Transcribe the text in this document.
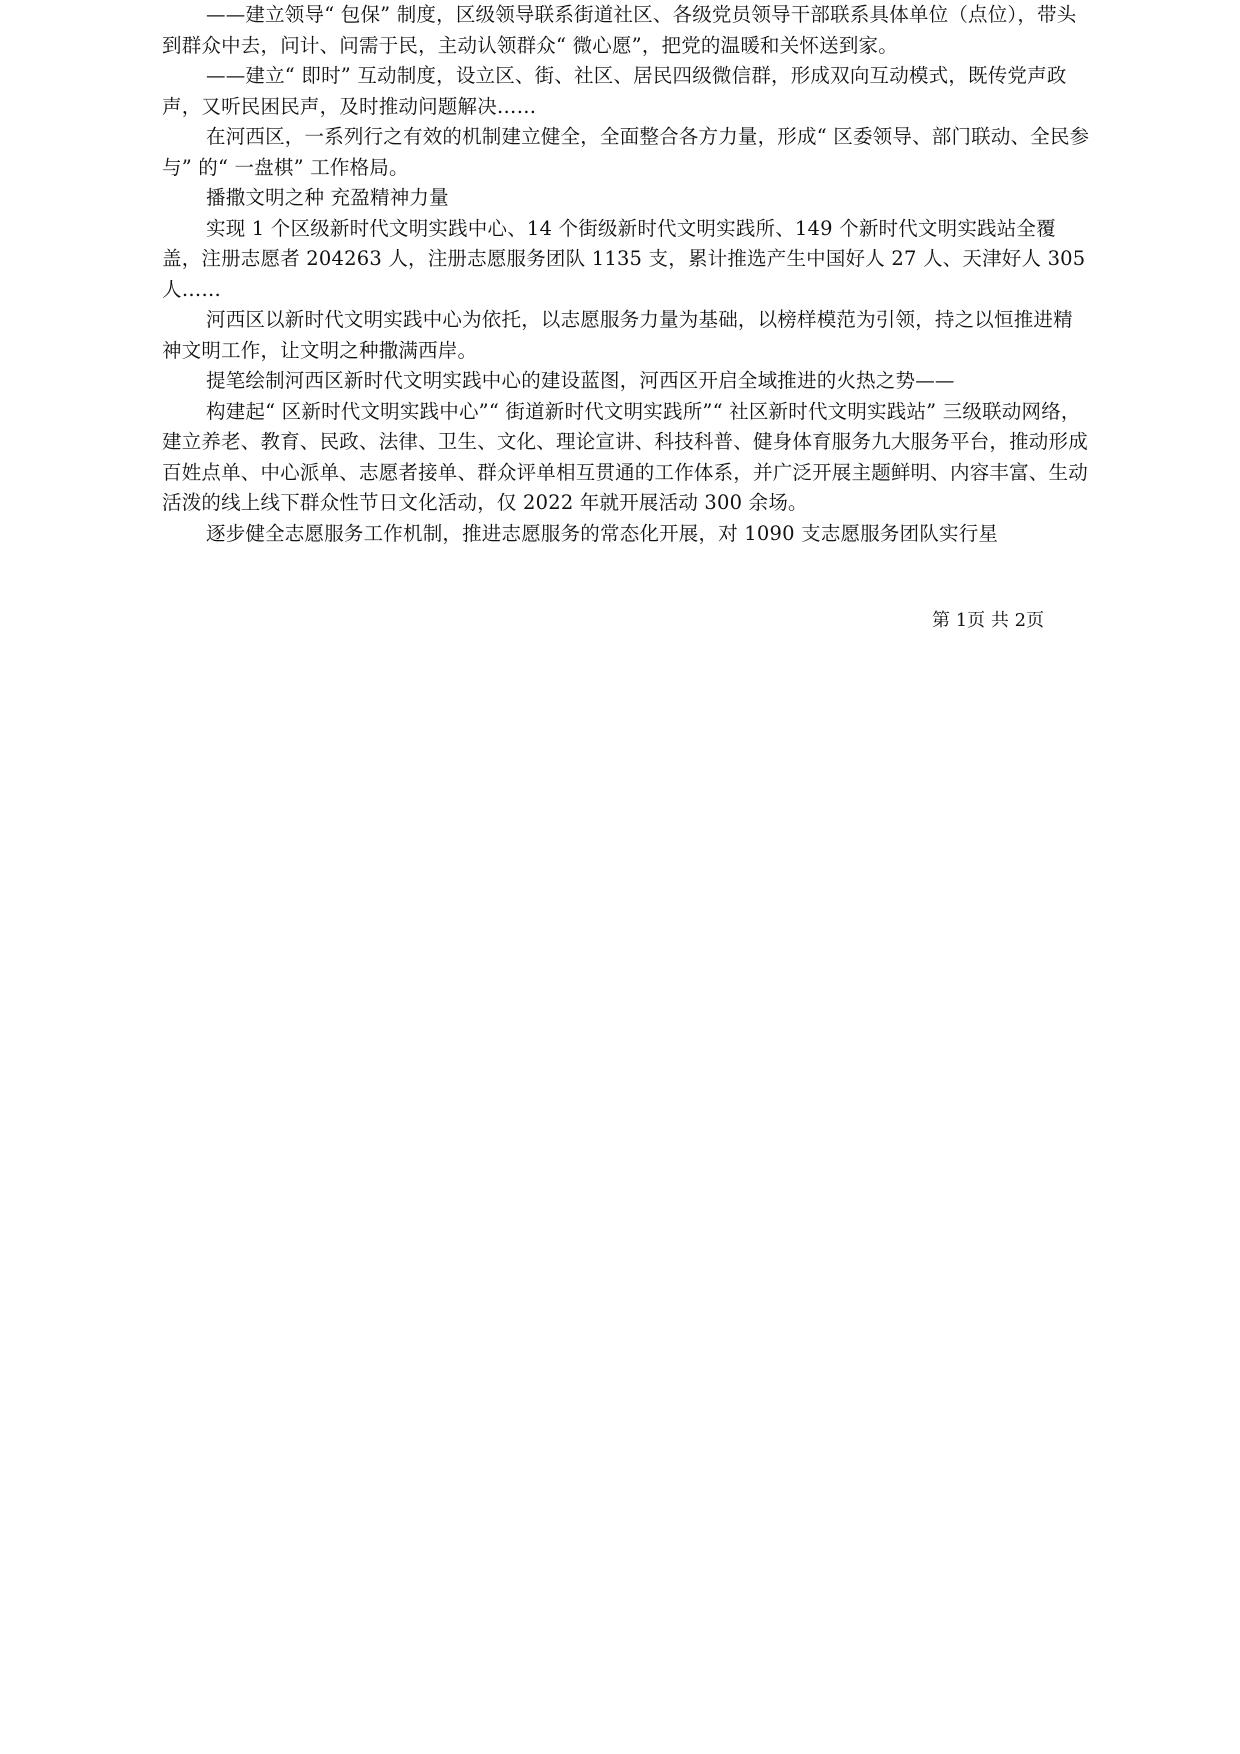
——建立领导“ 包保” 制度，区级领导联系街道社区、各级党员领导干部联系具体单位（点位），带头到群众中去，问计、问需于民，主动认领群众“ 微心愿”，把党的温暖和关怀送到家。

——建立“ 即时” 互动制度，设立区、街、社区、居民四级微信群，形成双向互动模式，既传党声政声，又听民困民声，及时推动问题解决……

在河西区，一系列行之有效的机制建立健全，全面整合各方力量，形成“ 区委领导、部门联动、全民参与” 的“ 一盘棋” 工作格局。

播撒文明之种 充盈精神力量

实现 1 个区级新时代文明实践中心、14 个街级新时代文明实践所、149 个新时代文明实践站全覆盖，注册志愿者 204263 人，注册志愿服务团队 1135 支，累计推选产生中国好人 27 人、天津好人 305 人……

河西区以新时代文明实践中心为依托，以志愿服务力量为基础，以榜样模范为引领，持之以恒推进精神文明工作，让文明之种撒满西岸。

提笔绘制河西区新时代文明实践中心的建设蓝图，河西区开启全域推进的火热之势——

构建起“ 区新时代文明实践中心”“ 街道新时代文明实践所”“ 社区新时代文明实践站” 三级联动网络，建立养老、教育、民政、法律、卫生、文化、理论宣讲、科技科普、健身体育服务九大服务平台，推动形成百姓点单、中心派单、志愿者接单、群众评单相互贯通的工作体系，并广泛开展主题鲜明、内容丰富、生动活泼的线上线下群众性节日文化活动，仅 2022 年就开展活动 300 余场。

逐步健全志愿服务工作机制，推进志愿服务的常态化开展，对 1090 支志愿服务团队实行星

第 1页 共 2页
